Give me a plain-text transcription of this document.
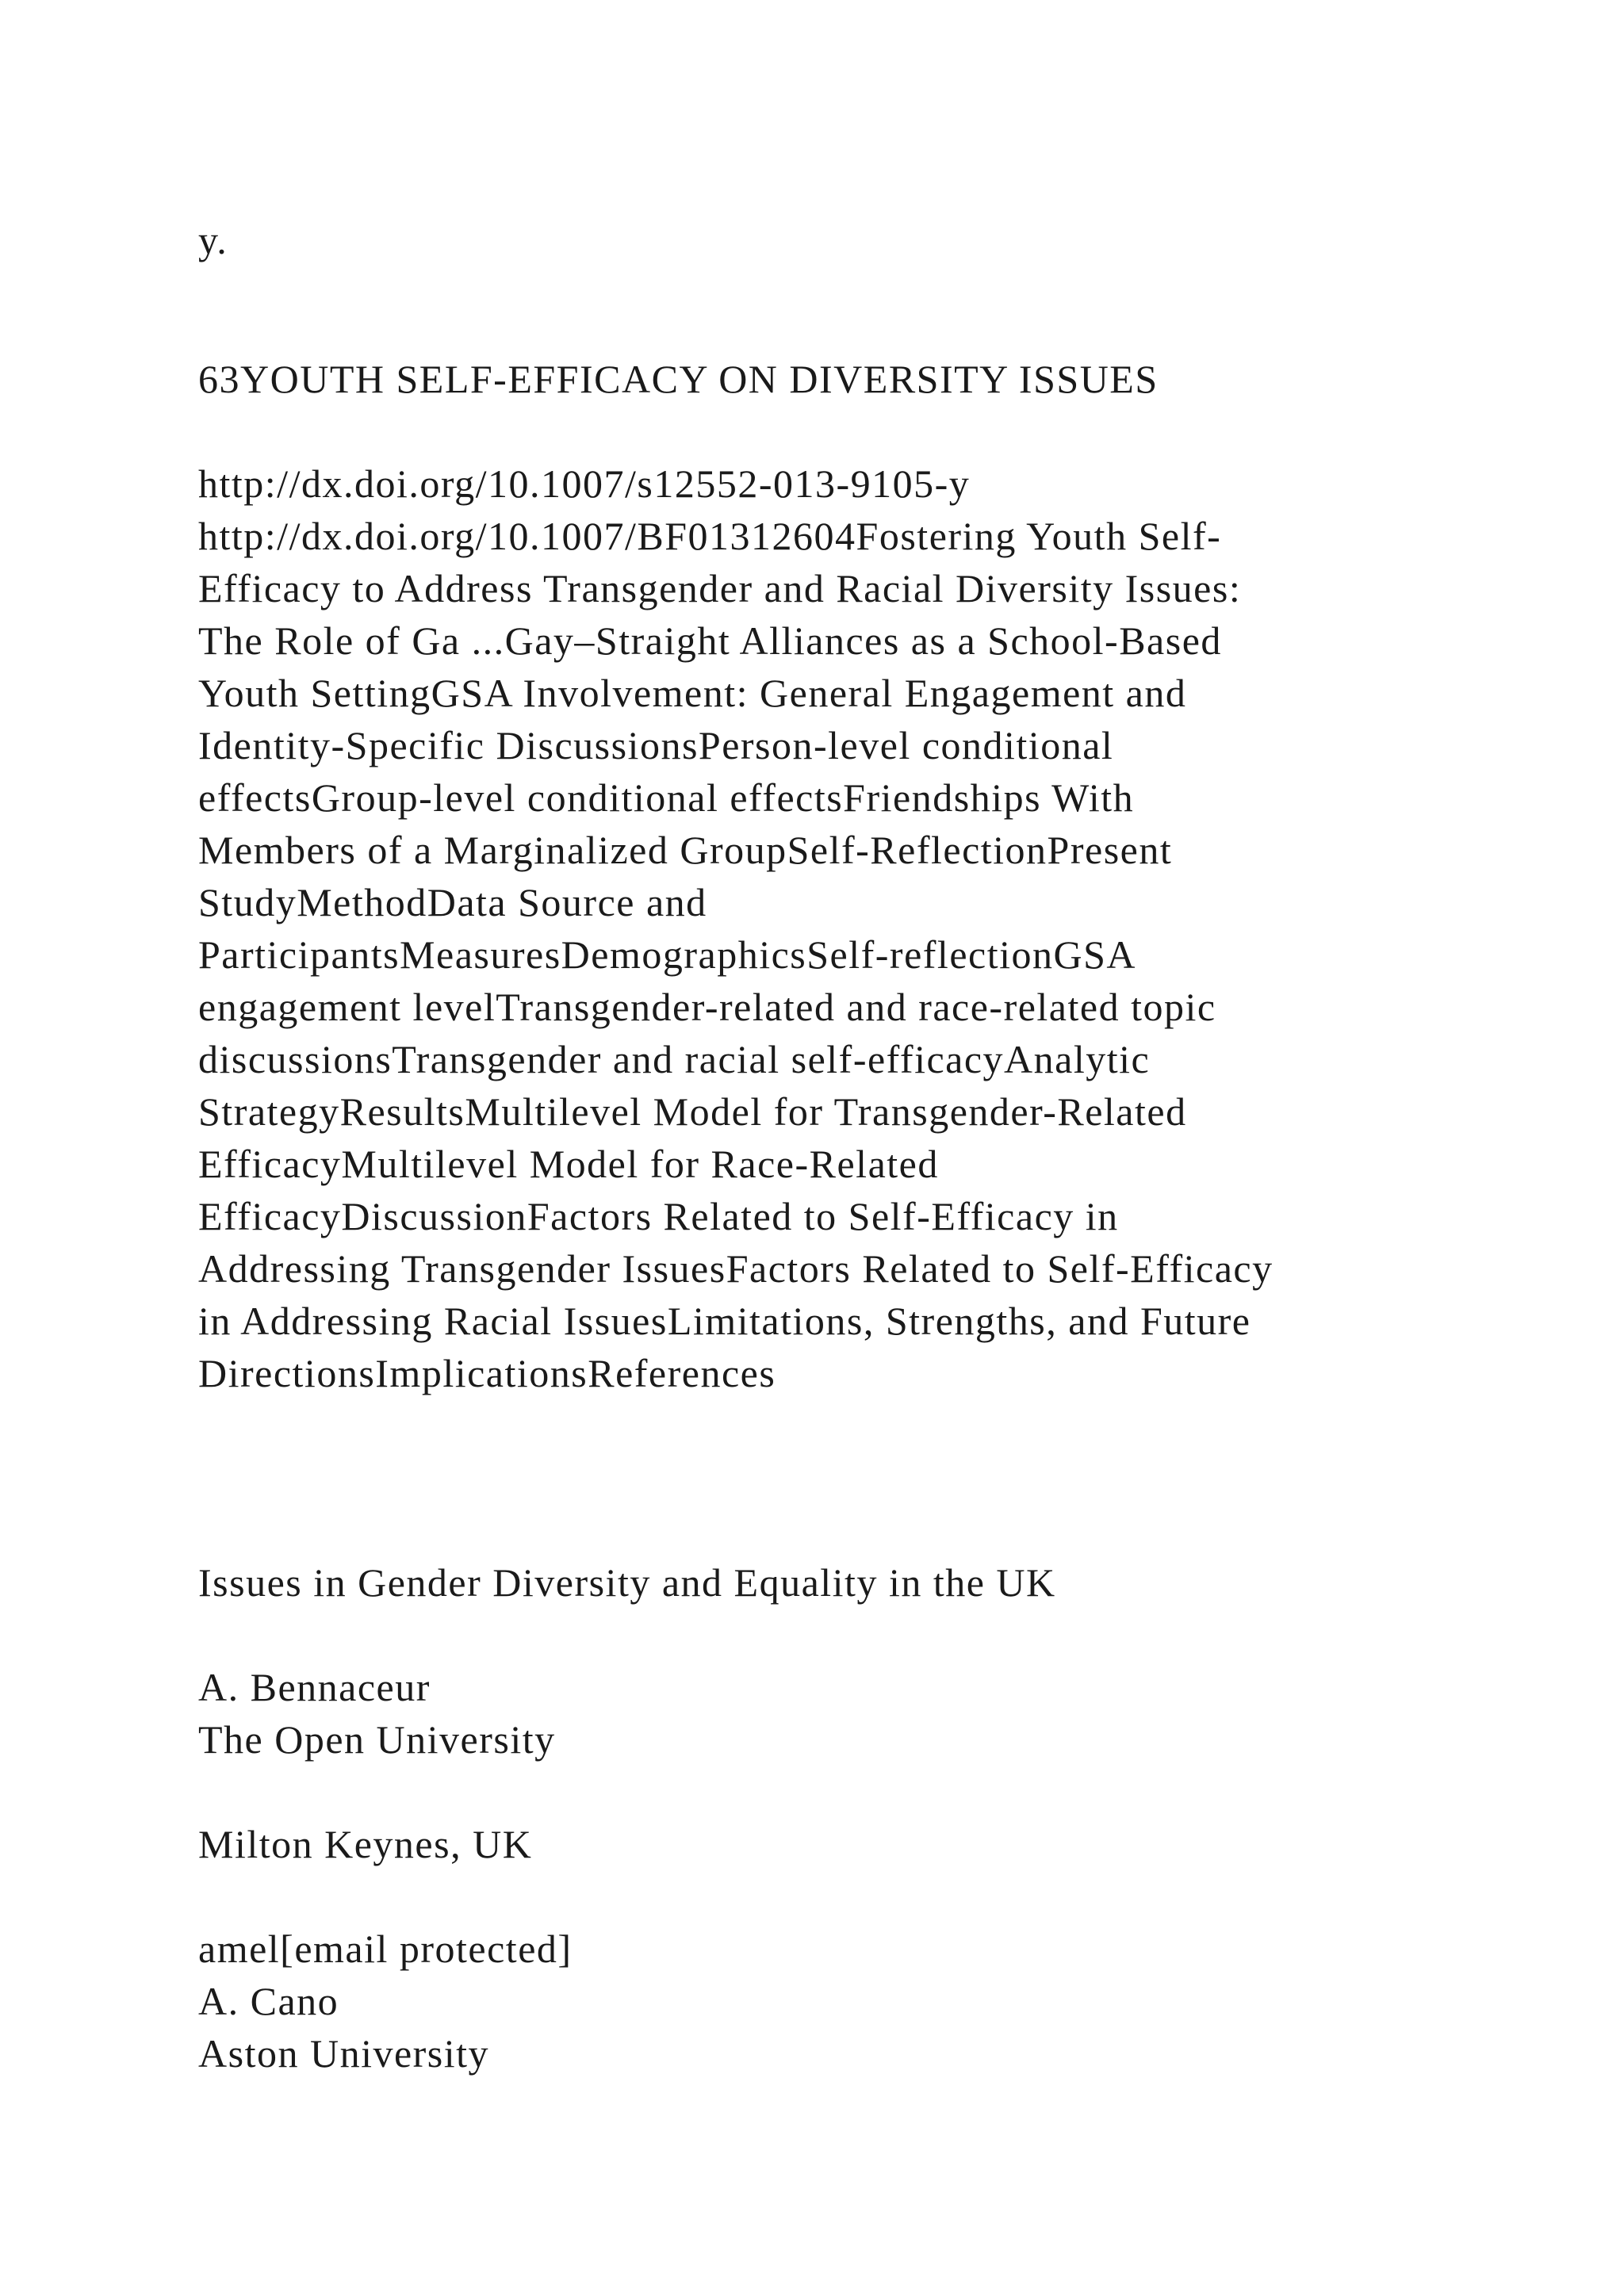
y.
63YOUTH SELF-EFFICACY ON DIVERSITY ISSUES
http://dx.doi.org/10.1007/s12552-013-9105-y
http://dx.doi.org/10.1007/BF01312604Fostering Youth Self-
Efficacy to Address Transgender and Racial Diversity Issues:
The Role of Ga ...Gay–Straight Alliances as a School-Based
Youth SettingGSA Involvement: General Engagement and
Identity-Specific DiscussionsPerson-level conditional
effectsGroup-level conditional effectsFriendships With
Members of a Marginalized GroupSelf-ReflectionPresent
StudyMethodData Source and
ParticipantsMeasuresDemographicsSelf-reflectionGSA
engagement levelTransgender-related and race-related topic
discussionsTransgender and racial self-efficacyAnalytic
StrategyResultsMultilevel Model for Transgender-Related
EfficacyMultilevel Model for Race-Related
EfficacyDiscussionFactors Related to Self-Efficacy in
Addressing Transgender IssuesFactors Related to Self-Efficacy
in Addressing Racial IssuesLimitations, Strengths, and Future
DirectionsImplicationsReferences
Issues in Gender Diversity and Equality in the UK
A. Bennaceur
The Open University
Milton Keynes, UK
amel[email protected]
A. Cano
Aston University
